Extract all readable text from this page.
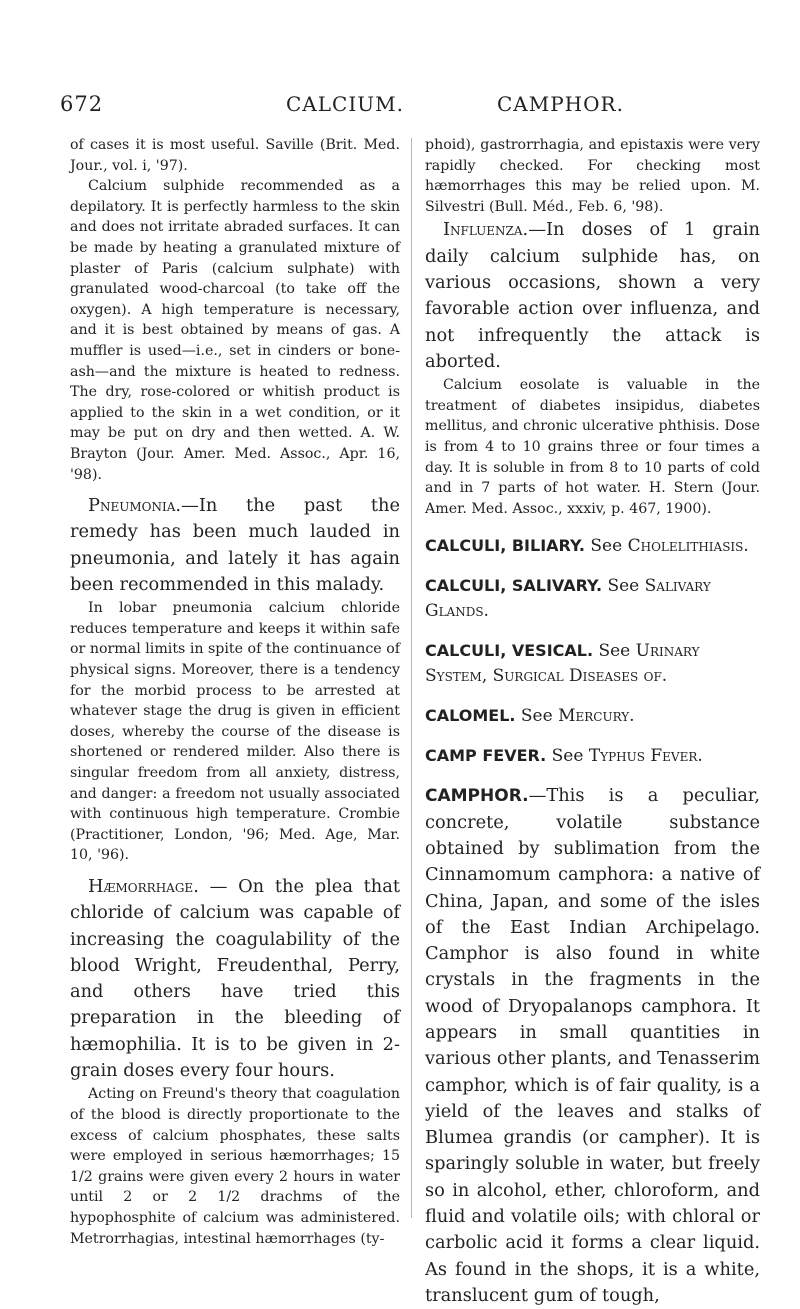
672	CALCIUM.	CAMPHOR.

of cases it is most useful. Saville (Brit. Med. Jour., vol. i, '97).

Calcium sulphide recommended as a depilatory. It is perfectly harmless to the skin and does not irritate abraded surfaces. It can be made by heating a granulated mixture of plaster of Paris (calcium sulphate) with granulated wood-charcoal (to take off the oxygen). A high temperature is necessary, and it is best obtained by means of gas. A muffler is used—i.e., set in cinders or bone-ash—and the mixture is heated to redness. The dry, rose-colored or whitish product is applied to the skin in a wet condition, or it may be put on dry and then wetted. A. W. Brayton (Jour. Amer. Med. Assoc., Apr. 16, '98).

Pneumonia.—In the past the remedy has been much lauded in pneumonia, and lately it has again been recommended in this malady.

In lobar pneumonia calcium chloride reduces temperature and keeps it within safe or normal limits in spite of the continuance of physical signs. Moreover, there is a tendency for the morbid process to be arrested at whatever stage the drug is given in efficient doses, whereby the course of the disease is shortened or rendered milder. Also there is singular freedom from all anxiety, distress, and danger: a freedom not usually associated with continuous high temperature. Crombie (Practitioner, London, '96; Med. Age, Mar. 10, '96).

Hæmorrhage. — On the plea that chloride of calcium was capable of increasing the coagulability of the blood Wright, Freudenthal, Perry, and others have tried this preparation in the bleeding of hæmophilia. It is to be given in 2-grain doses every four hours.

Acting on Freund's theory that coagulation of the blood is directly proportionate to the excess of calcium phosphates, these salts were employed in serious hæmorrhages; 15 1/2 grains were given every 2 hours in water until 2 or 2 1/2 drachms of the hypophosphite of calcium was administered. Metrorrhagias, intestinal hæmorrhages (ty-

phoid), gastrorrhagia, and epistaxis were very rapidly checked. For checking most hæmorrhages this may be relied upon. M. Silvestri (Bull. Méd., Feb. 6, '98).

Influenza.—In doses of 1 grain daily calcium sulphide has, on various occasions, shown a very favorable action over influenza, and not infrequently the attack is aborted.

Calcium eosolate is valuable in the treatment of diabetes insipidus, diabetes mellitus, and chronic ulcerative phthisis. Dose is from 4 to 10 grains three or four times a day. It is soluble in from 8 to 10 parts of cold and in 7 parts of hot water. H. Stern (Jour. Amer. Med. Assoc., xxxiv, p. 467, 1900).

CALCULI, BILIARY. See Cholelithiasis.

CALCULI, SALIVARY. See Salivary Glands.

CALCULI, VESICAL. See Urinary System, Surgical Diseases of.

CALOMEL. See Mercury.

CAMP FEVER. See Typhus Fever.

CAMPHOR.—This is a peculiar, concrete, volatile substance obtained by sublimation from the Cinnamomum camphora: a native of China, Japan, and some of the isles of the East Indian Archipelago. Camphor is also found in white crystals in the fragments in the wood of Dryopalanops camphora. It appears in small quantities in various other plants, and Tenasserim camphor, which is of fair quality, is a yield of the leaves and stalks of Blumea grandis (or campher). It is sparingly soluble in water, but freely so in alcohol, ether, chloroform, and fluid and volatile oils; with chloral or carbolic acid it forms a clear liquid. As found in the shops, it is a white, translucent gum of tough,
